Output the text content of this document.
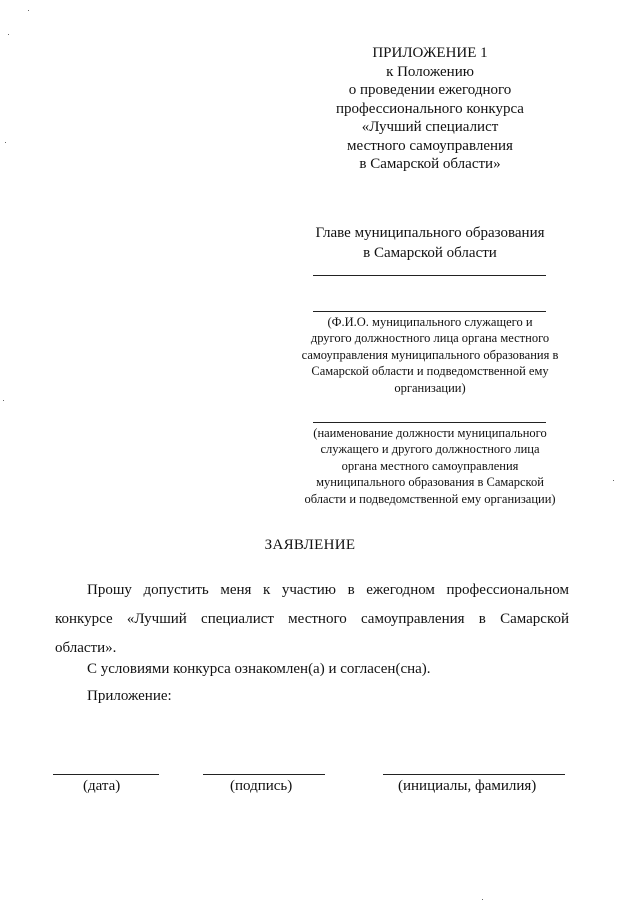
ПРИЛОЖЕНИЕ 1
к Положению
о проведении ежегодного
профессионального конкурса
«Лучший специалист
местного самоуправления
в Самарской области»
Главе муниципального образования
в Самарской области
(Ф.И.О. муниципального служащего и
другого должностного лица органа местного
самоуправления муниципального образования в
Самарской области и подведомственной ему
организации)
(наименование должности муниципального
служащего и другого должностного лица
органа местного самоуправления
муниципального образования в Самарской
области и подведомственной ему организации)
ЗАЯВЛЕНИЕ
Прошу допустить меня к участию в ежегодном профессиональном конкурсе «Лучший специалист местного самоуправления в Самарской области».
С условиями конкурса ознакомлен(а) и согласен(сна).
Приложение:
(дата)	(подпись)	(инициалы, фамилия)
